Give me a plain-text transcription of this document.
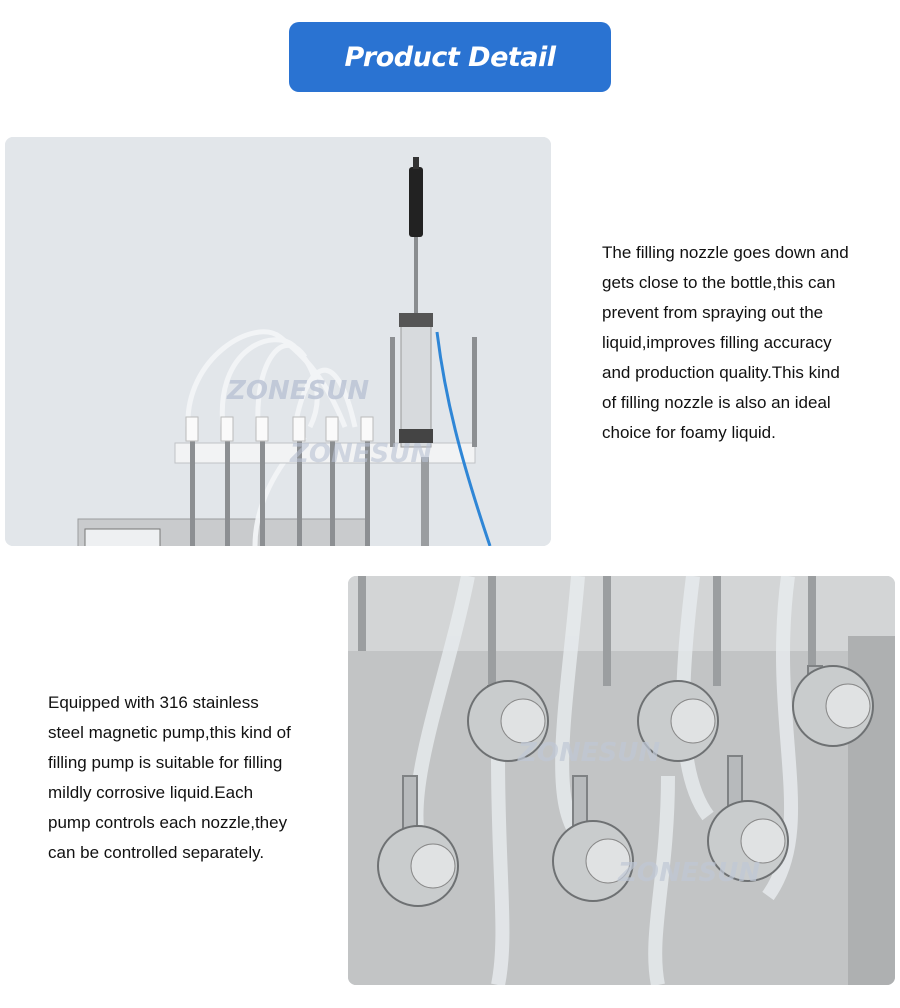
Product Detail
ZONESUN
ZONESUN
The filling nozzle goes down and
gets close to the bottle,this can
prevent from spraying out the
liquid,improves filling accuracy
and production quality.This kind
of filling nozzle is also an ideal
choice for foamy liquid.
ZONESUN
ZONESUN
Equipped with 316 stainless
steel magnetic pump,this kind of
filling pump is suitable for filling
mildly corrosive liquid.Each
pump controls each nozzle,they
can be controlled separately.
